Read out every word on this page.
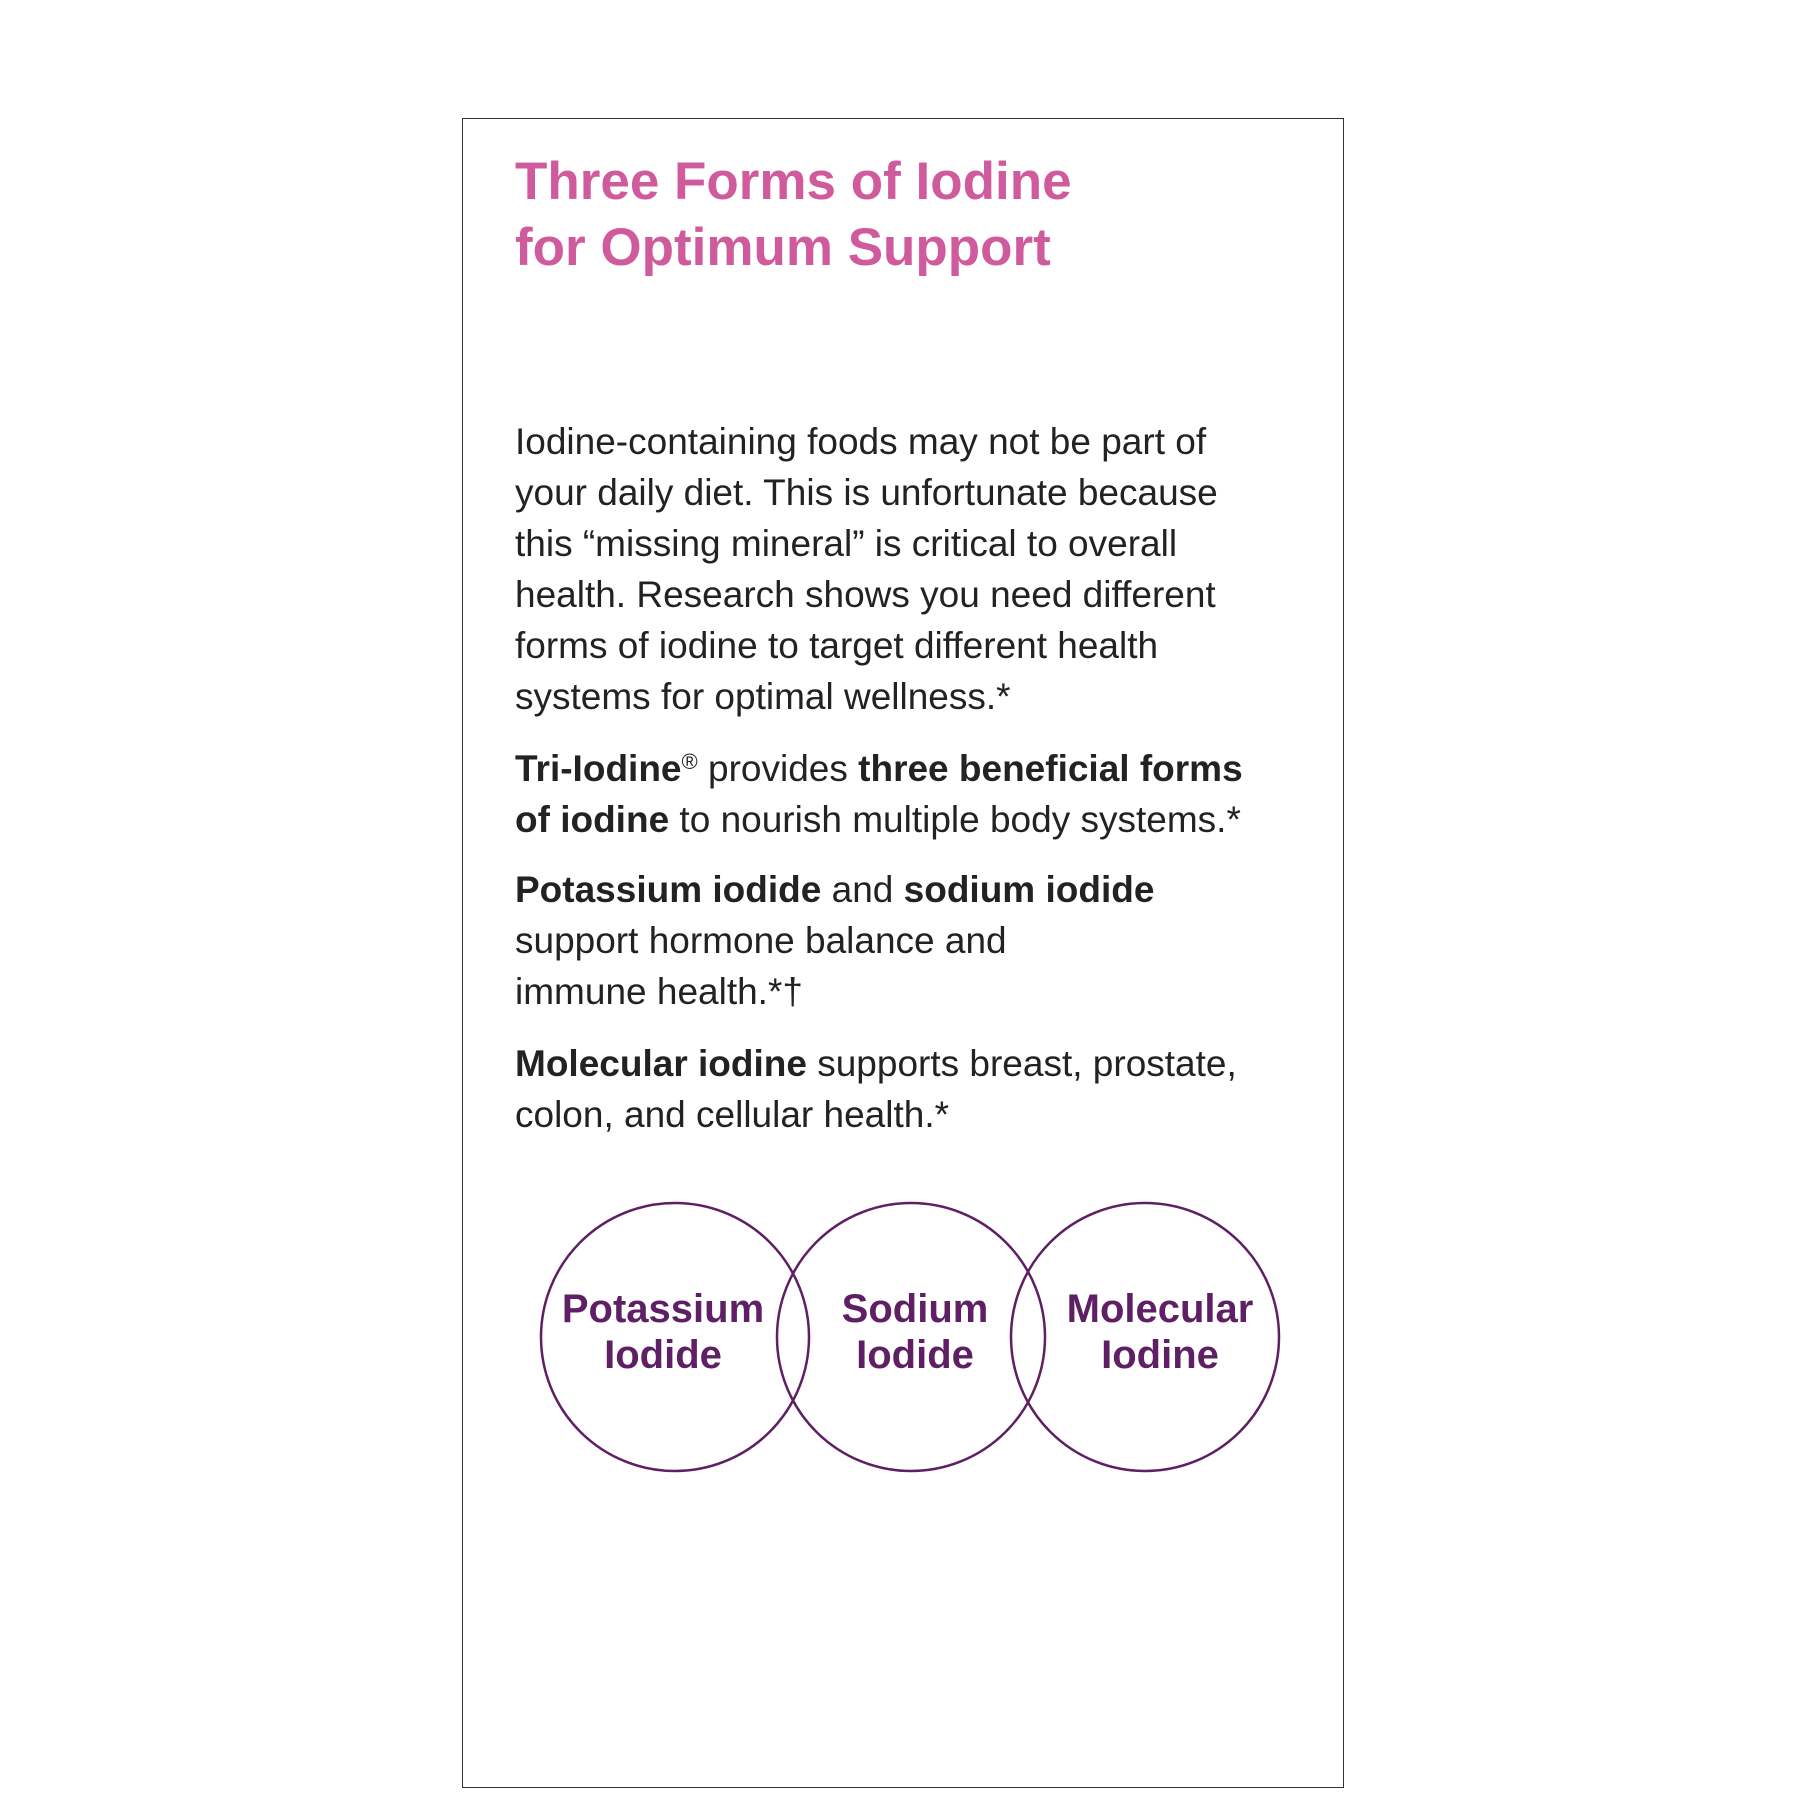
Three Forms of Iodine
for Optimum Support

Iodine-containing foods may not be part of
your daily diet. This is unfortunate because
this “missing mineral” is critical to overall
health. Research shows you need different
forms of iodine to target different health
systems for optimal wellness.*

Tri-Iodine® provides three beneficial forms
of iodine to nourish multiple body systems.*

Potassium iodide and sodium iodide
support hormone balance and
immune health.*†

Molecular iodine supports breast, prostate,
colon, and cellular health.*

Potassium
Iodide
Sodium
Iodide
Molecular
Iodine
